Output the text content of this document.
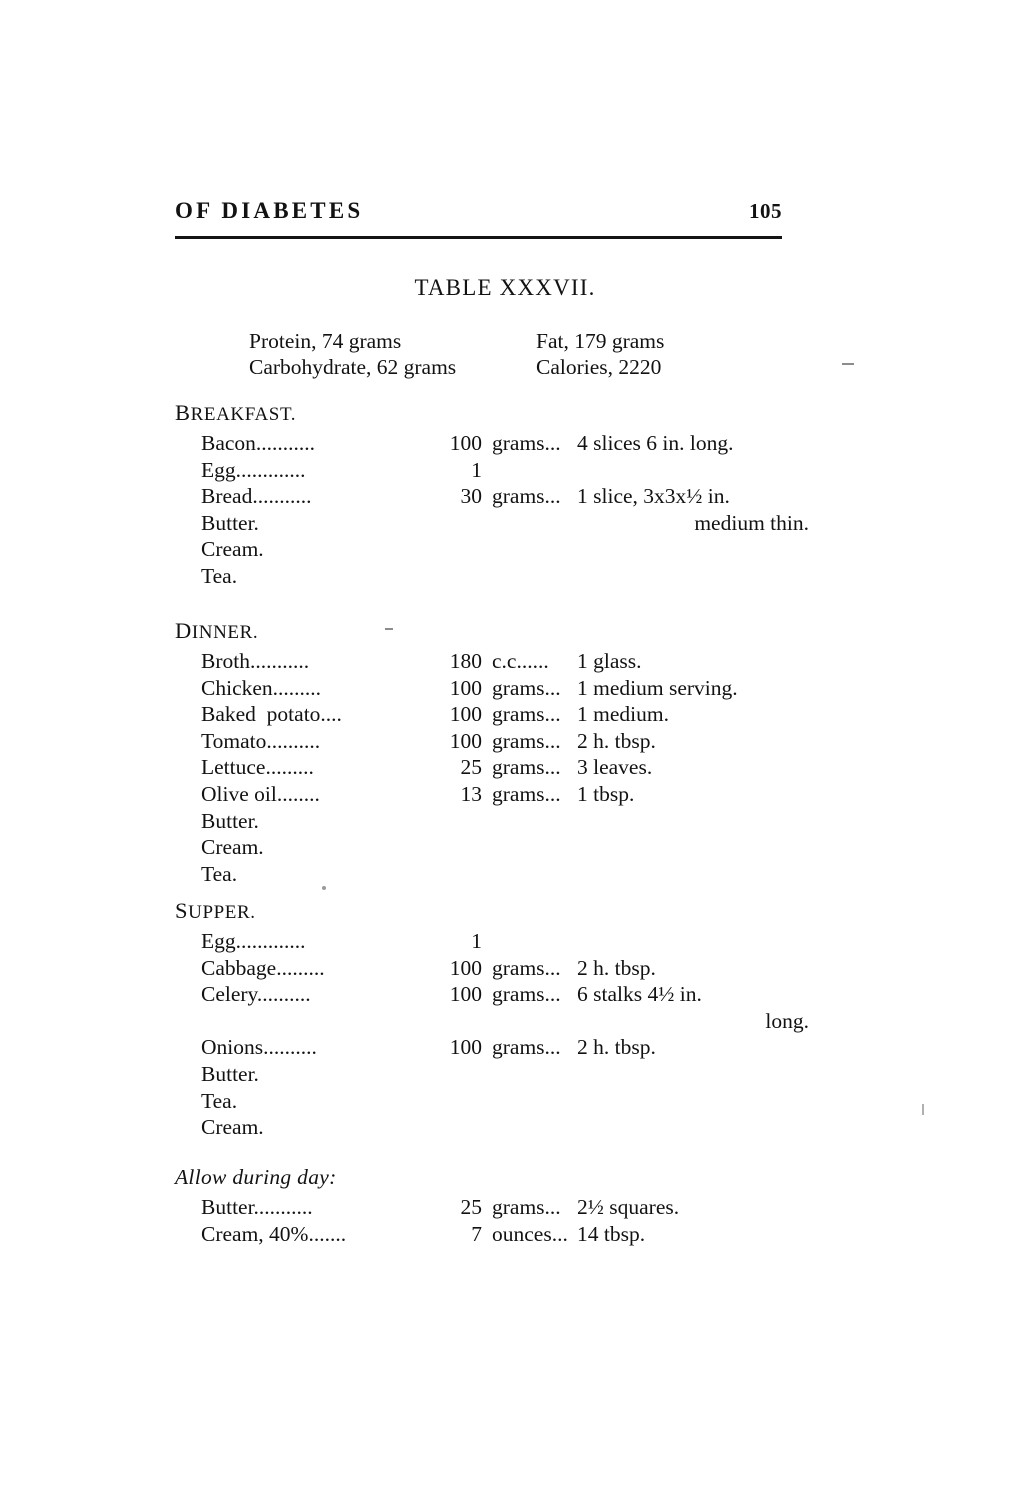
OF DIABETES	105
TABLE XXXVII.
Protein, 74 grams	Fat, 179 grams
Carbohydrate, 62 grams	Calories, 2220
BREAKFAST.
Bacon...........	100 grams... 4 slices 6 in. long.
Egg.............	1
Bread...........	30 grams... 1 slice, 3x3x½ in.
Butter.	medium thin.
Cream.
Tea.
DINNER.
Broth...........	180 c.c......	1 glass.
Chicken.........	100 grams... 1 medium serving.
Baked  potato....	100 grams... 1 medium.
Tomato..........	100 grams... 2 h. tbsp.
Lettuce.........	25 grams... 3 leaves.
Olive oil........	13 grams... 1 tbsp.
Butter.
Cream.
Tea.
SUPPER.
Egg.............	1
Cabbage.........	100 grams... 2 h. tbsp.
Celery..........	100 grams... 6 stalks 4½ in.
long.
Onions..........	100 grams... 2 h. tbsp.
Butter.
Tea.
Cream.
Allow during day:
Butter...........	25 grams... 2½ squares.
Cream, 40%.......	7 ounces... 14 tbsp.
